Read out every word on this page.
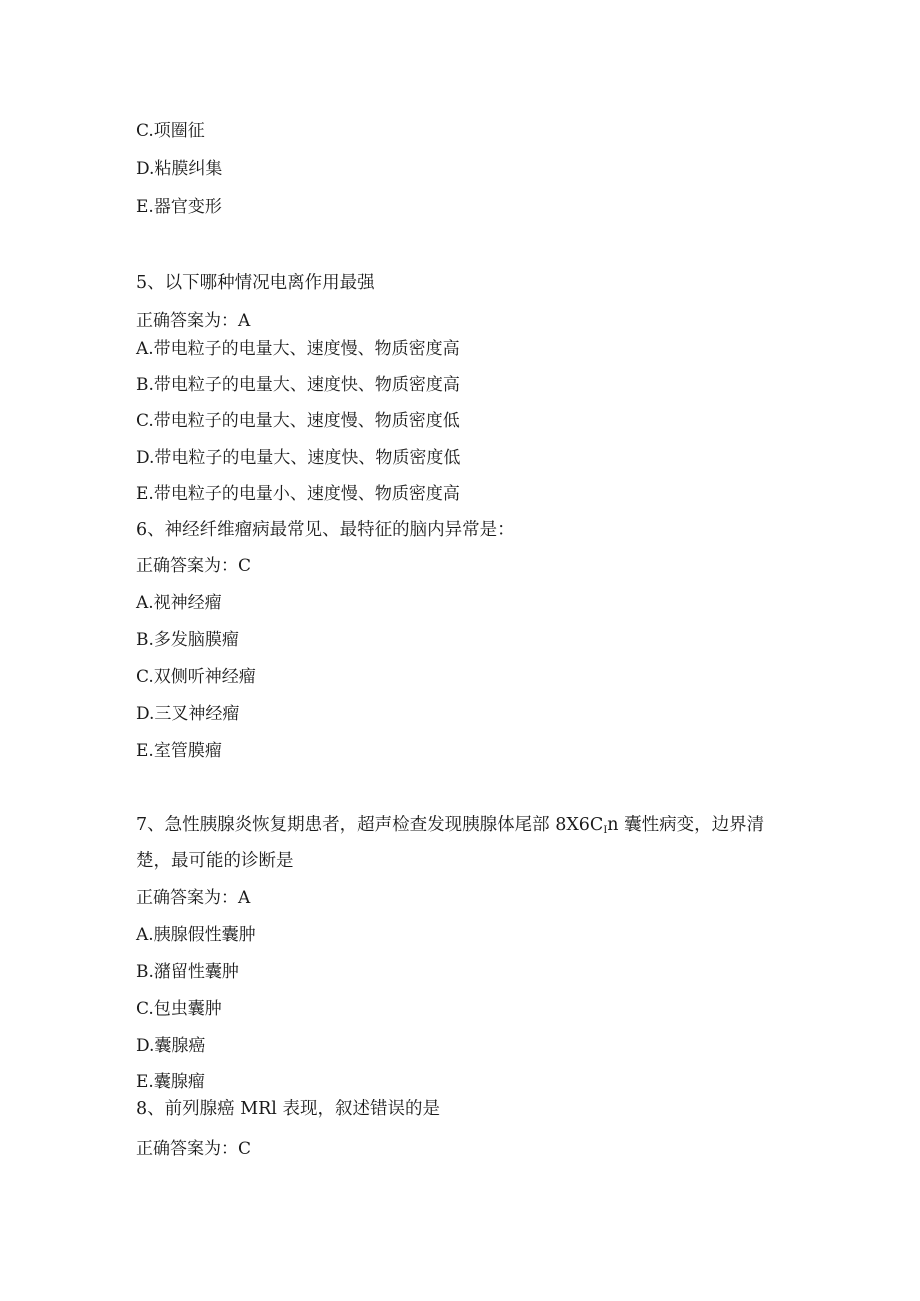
C.项圈征
D.粘膜纠集
E.器官变形
5、以下哪种情况电离作用最强
正确答案为：A
A.带电粒子的电量大、速度慢、物质密度高
B.带电粒子的电量大、速度快、物质密度高
C.带电粒子的电量大、速度慢、物质密度低
D.带电粒子的电量大、速度快、物质密度低
E.带电粒子的电量小、速度慢、物质密度高
6、神经纤维瘤病最常见、最特征的脑内异常是：
正确答案为：C
A.视神经瘤
B.多发脑膜瘤
C.双侧听神经瘤
D.三叉神经瘤
E.室管膜瘤
7、急性胰腺炎恢复期患者，超声检查发现胰腺体尾部 $8X6C_In$ 囊性病变，边界清
楚，最可能的诊断是
正确答案为：A
A.胰腺假性囊肿
B.潴留性囊肿
C.包虫囊肿
D.囊腺癌
E.囊腺瘤
8、前列腺癌 MRl 表现，叙述错误的是
正确答案为：C
